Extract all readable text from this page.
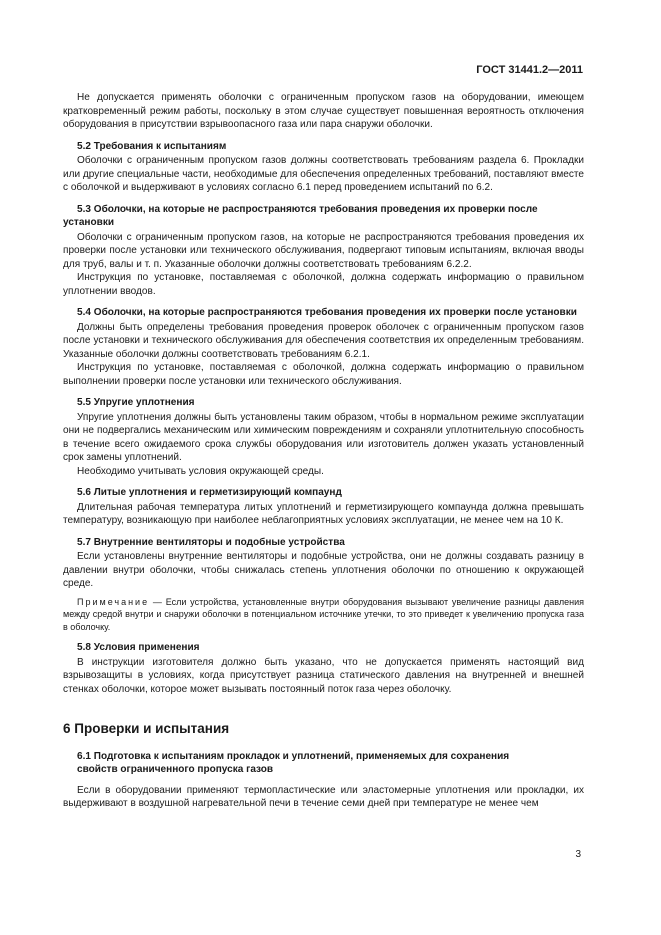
ГОСТ 31441.2—2011

Не допускается применять оболочки с ограниченным пропуском газов на оборудовании, имеющем кратковременный режим работы, поскольку в этом случае существует повышенная вероятность отключения оборудования в присутствии взрывоопасного газа или пара снаружи оболочки.

5.2 Требования к испытаниям

Оболочки с ограниченным пропуском газов должны соответствовать требованиям раздела 6. Прокладки или другие специальные части, необходимые для обеспечения определенных требований, поставляют вместе с оболочкой и выдерживают в условиях согласно 6.1 перед проведением испытаний по 6.2.

5.3 Оболочки, на которые не распространяются требования проведения их проверки после установки

Оболочки с ограниченным пропуском газов, на которые не распространяются требования проведения их проверки после установки или технического обслуживания, подвергают типовым испытаниям, включая вводы для труб, валы и т. п. Указанные оболочки должны соответствовать требованиям 6.2.2.

Инструкция по установке, поставляемая с оболочкой, должна содержать информацию о правильном уплотнении вводов.

5.4 Оболочки, на которые распространяются требования проведения их проверки после установки

Должны быть определены требования проведения проверок оболочек с ограниченным пропуском газов после установки и технического обслуживания для обеспечения соответствия их определенным требованиям. Указанные оболочки должны соответствовать требованиям 6.2.1.

Инструкция по установке, поставляемая с оболочкой, должна содержать информацию о правильном выполнении проверки после установки или технического обслуживания.

5.5 Упругие уплотнения

Упругие уплотнения должны быть установлены таким образом, чтобы в нормальном режиме эксплуатации они не подвергались механическим или химическим повреждениям и сохраняли уплотнительную способность в течение всего ожидаемого срока службы оборудования или изготовитель должен указать установленный срок замены уплотнений.

Необходимо учитывать условия окружающей среды.

5.6 Литые уплотнения и герметизирующий компаунд

Длительная рабочая температура литых уплотнений и герметизирующего компаунда должна превышать температуру, возникающую при наиболее неблагоприятных условиях эксплуатации, не менее чем на 10 К.

5.7 Внутренние вентиляторы и подобные устройства

Если установлены внутренние вентиляторы и подобные устройства, они не должны создавать разницу в давлении внутри оболочки, чтобы снижалась степень уплотнения оболочки по отношению к окружающей среде.

Примечание — Если устройства, установленные внутри оборудования вызывают увеличение разницы давления между средой внутри и снаружи оболочки в потенциальном источнике утечки, то это приведет к увеличению пропуска газа в оболочку.

5.8 Условия применения

В инструкции изготовителя должно быть указано, что не допускается применять настоящий вид взрывозащиты в условиях, когда присутствует разница статического давления на внутренней и внешней стенках оболочки, которое может вызывать постоянный поток газа через оболочку.

6 Проверки и испытания
6.1 Подготовка к испытаниям прокладок и уплотнений, применяемых для сохранения
свойств ограниченного пропуска газов

Если в оборудовании применяют термопластические или эластомерные уплотнения или прокладки, их выдерживают в воздушной нагревательной печи в течение семи дней при температуре не менее чем

3
